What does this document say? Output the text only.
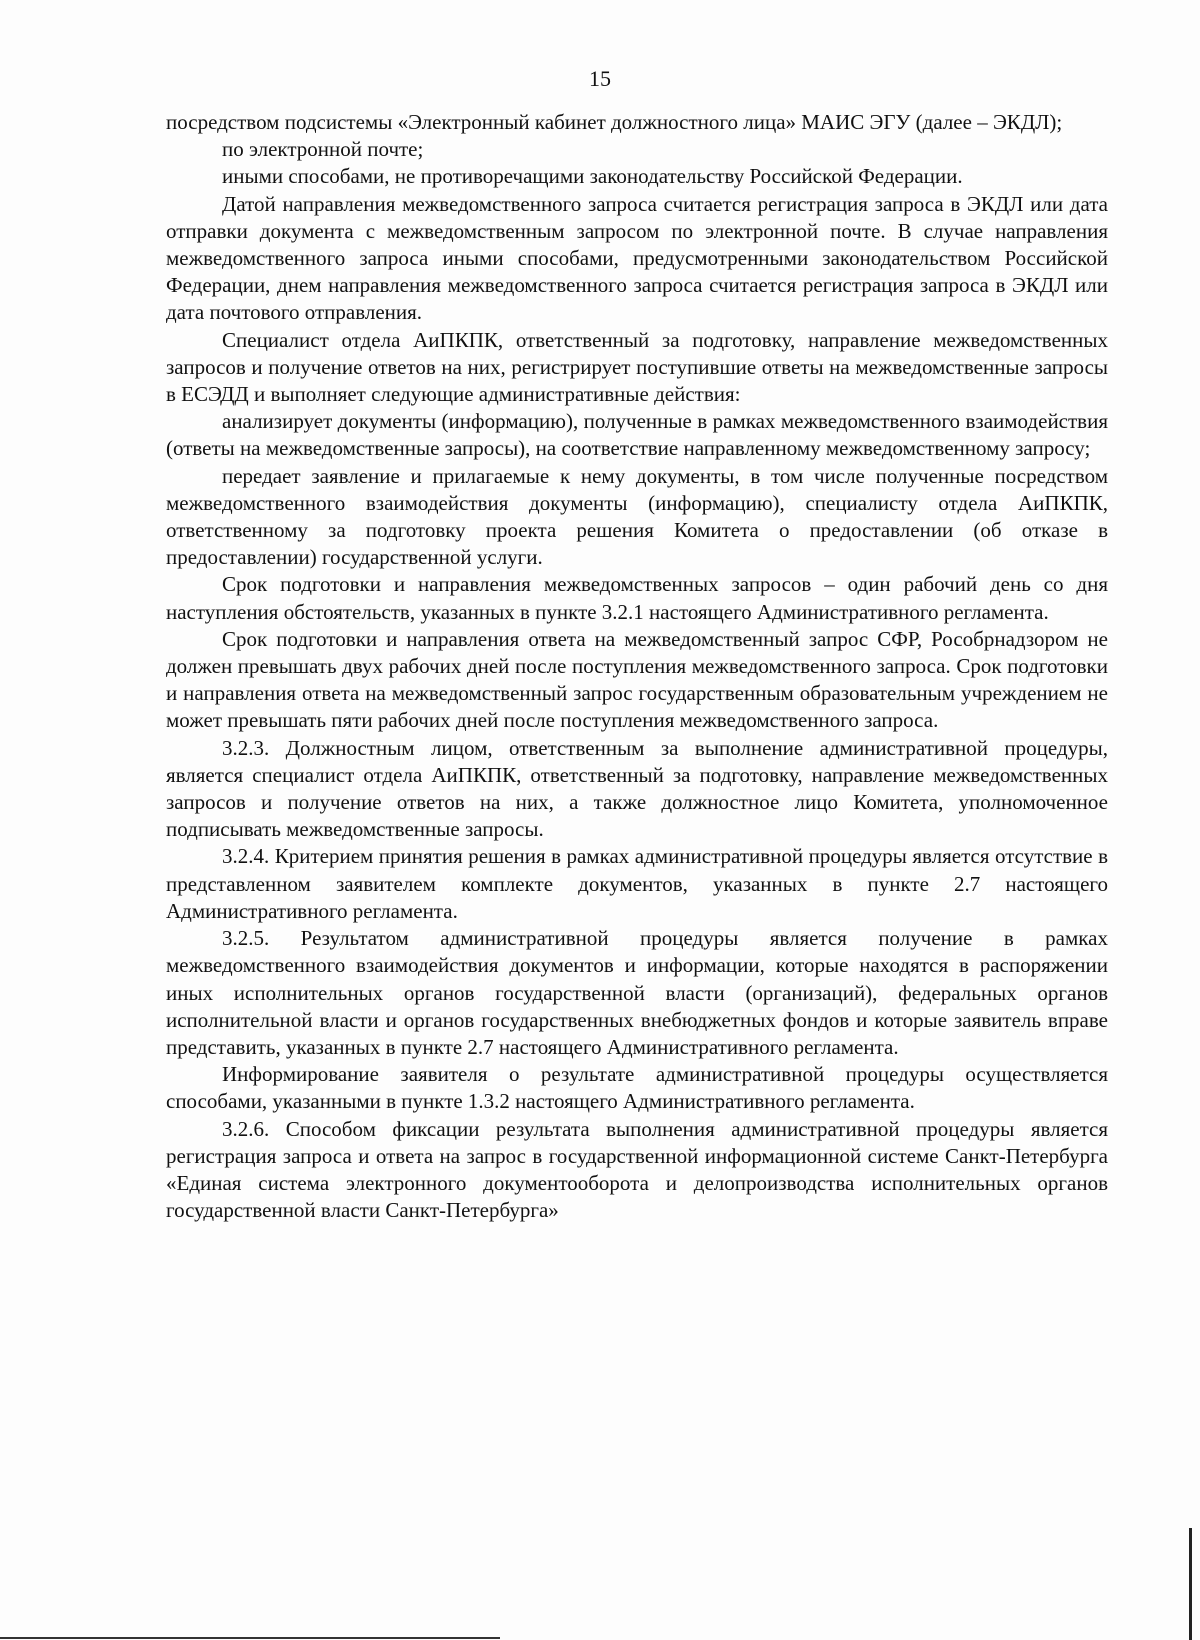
15

посредством подсистемы «Электронный кабинет должностного лица» МАИС ЭГУ (далее – ЭКДЛ);

по электронной почте;

иными способами, не противоречащими законодательству Российской Федерации.

Датой направления межведомственного запроса считается регистрация запроса в ЭКДЛ или дата отправки документа с межведомственным запросом по электронной почте. В случае направления межведомственного запроса иными способами, предусмотренными законодательством Российской Федерации, днем направления межведомственного запроса считается регистрация запроса в ЭКДЛ или дата почтового отправления.

Специалист отдела АиПКПК, ответственный за подготовку, направление межведомственных запросов и получение ответов на них, регистрирует поступившие ответы на межведомственные запросы в ЕСЭДД и выполняет следующие административные действия:

анализирует документы (информацию), полученные в рамках межведомственного взаимодействия (ответы на межведомственные запросы), на соответствие направленному межведомственному запросу;

передает заявление и прилагаемые к нему документы, в том числе полученные посредством межведомственного взаимодействия документы (информацию), специалисту отдела АиПКПК, ответственному за подготовку проекта решения Комитета о предоставлении (об отказе в предоставлении) государственной услуги.

Срок подготовки и направления межведомственных запросов – один рабочий день со дня наступления обстоятельств, указанных в пункте 3.2.1 настоящего Административного регламента.

Срок подготовки и направления ответа на межведомственный запрос СФР, Рособрнадзором не должен превышать двух рабочих дней после поступления межведомственного запроса. Срок подготовки и направления ответа на межведомственный запрос государственным образовательным учреждением не может превышать пяти рабочих дней после поступления межведомственного запроса.

3.2.3. Должностным лицом, ответственным за выполнение административной процедуры, является специалист отдела АиПКПК, ответственный за подготовку, направление межведомственных запросов и получение ответов на них, а также должностное лицо Комитета, уполномоченное подписывать межведомственные запросы.

3.2.4. Критерием принятия решения в рамках административной процедуры является отсутствие в представленном заявителем комплекте документов, указанных в пункте 2.7 настоящего Административного регламента.

3.2.5. Результатом административной процедуры является получение в рамках межведомственного взаимодействия документов и информации, которые находятся в распоряжении иных исполнительных органов государственной власти (организаций), федеральных органов исполнительной власти и органов государственных внебюджетных фондов и которые заявитель вправе представить, указанных в пункте 2.7 настоящего Административного регламента.

Информирование заявителя о результате административной процедуры осуществляется способами, указанными в пункте 1.3.2 настоящего Административного регламента.

3.2.6. Способом фиксации результата выполнения административной процедуры является регистрация запроса и ответа на запрос в государственной информационной системе Санкт-Петербурга «Единая система электронного документооборота и делопроизводства исполнительных органов государственной власти Санкт-Петербурга»
